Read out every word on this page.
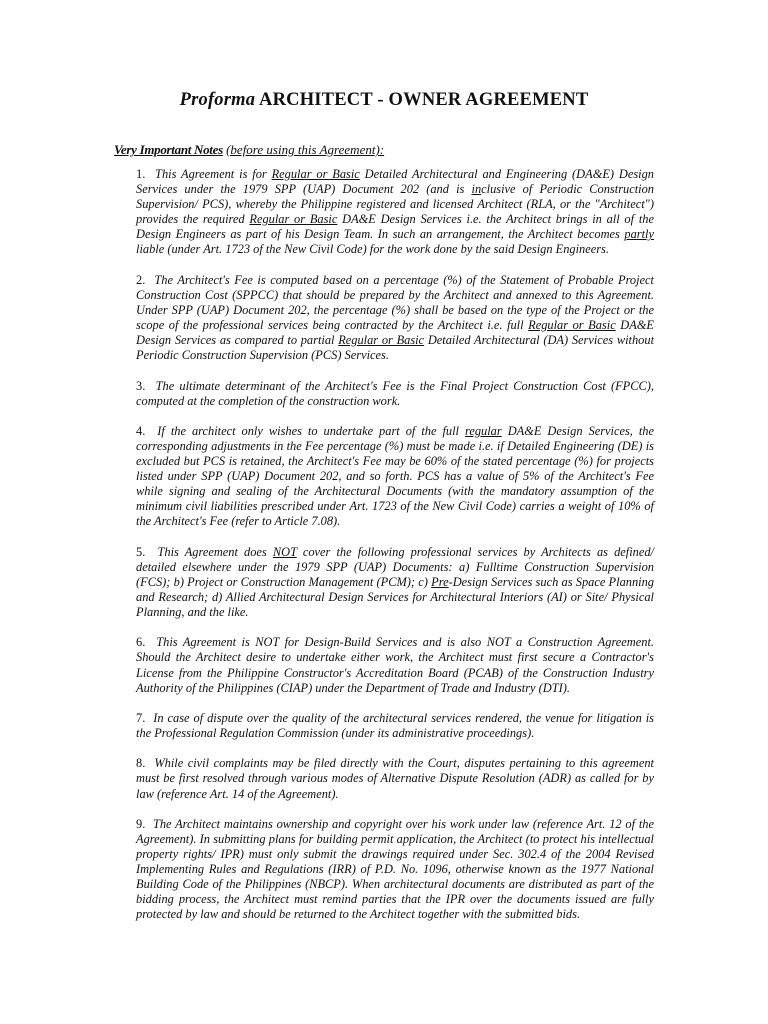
Proforma ARCHITECT - OWNER AGREEMENT
Very Important Notes (before using this Agreement):

1. This Agreement is for Regular or Basic Detailed Architectural and Engineering (DA&E) Design Services under the 1979 SPP (UAP) Document 202 (and is inclusive of Periodic Construction Supervision/ PCS), whereby the Philippine registered and licensed Architect (RLA, or the "Architect") provides the required Regular or Basic DA&E Design Services i.e. the Architect brings in all of the Design Engineers as part of his Design Team. In such an arrangement, the Architect becomes partly liable (under Art. 1723 of the New Civil Code) for the work done by the said Design Engineers.

2. The Architect's Fee is computed based on a percentage (%) of the Statement of Probable Project Construction Cost (SPPCC) that should be prepared by the Architect and annexed to this Agreement. Under SPP (UAP) Document 202, the percentage (%) shall be based on the type of the Project or the scope of the professional services being contracted by the Architect i.e. full Regular or Basic DA&E Design Services as compared to partial Regular or Basic Detailed Architectural (DA) Services without Periodic Construction Supervision (PCS) Services.

3. The ultimate determinant of the Architect's Fee is the Final Project Construction Cost (FPCC), computed at the completion of the construction work.

4. If the architect only wishes to undertake part of the full regular DA&E Design Services, the corresponding adjustments in the Fee percentage (%) must be made i.e. if Detailed Engineering (DE) is excluded but PCS is retained, the Architect's Fee may be 60% of the stated percentage (%) for projects listed under SPP (UAP) Document 202, and so forth. PCS has a value of 5% of the Architect's Fee while signing and sealing of the Architectural Documents (with the mandatory assumption of the minimum civil liabilities prescribed under Art. 1723 of the New Civil Code) carries a weight of 10% of the Architect's Fee (refer to Article 7.08).

5. This Agreement does NOT cover the following professional services by Architects as defined/ detailed elsewhere under the 1979 SPP (UAP) Documents: a) Fulltime Construction Supervision (FCS); b) Project or Construction Management (PCM); c) Pre-Design Services such as Space Planning and Research; d) Allied Architectural Design Services for Architectural Interiors (AI) or Site/ Physical Planning, and the like.

6. This Agreement is NOT for Design-Build Services and is also NOT a Construction Agreement. Should the Architect desire to undertake either work, the Architect must first secure a Contractor's License from the Philippine Constructor's Accreditation Board (PCAB) of the Construction Industry Authority of the Philippines (CIAP) under the Department of Trade and Industry (DTI).

7. In case of dispute over the quality of the architectural services rendered, the venue for litigation is the Professional Regulation Commission (under its administrative proceedings).

8. While civil complaints may be filed directly with the Court, disputes pertaining to this agreement must be first resolved through various modes of Alternative Dispute Resolution (ADR) as called for by law (reference Art. 14 of the Agreement).

9. The Architect maintains ownership and copyright over his work under law (reference Art. 12 of the Agreement). In submitting plans for building permit application, the Architect (to protect his intellectual property rights/ IPR) must only submit the drawings required under Sec. 302.4 of the 2004 Revised Implementing Rules and Regulations (IRR) of P.D. No. 1096, otherwise known as the 1977 National Building Code of the Philippines (NBCP). When architectural documents are distributed as part of the bidding process, the Architect must remind parties that the IPR over the documents issued are fully protected by law and should be returned to the Architect together with the submitted bids.
